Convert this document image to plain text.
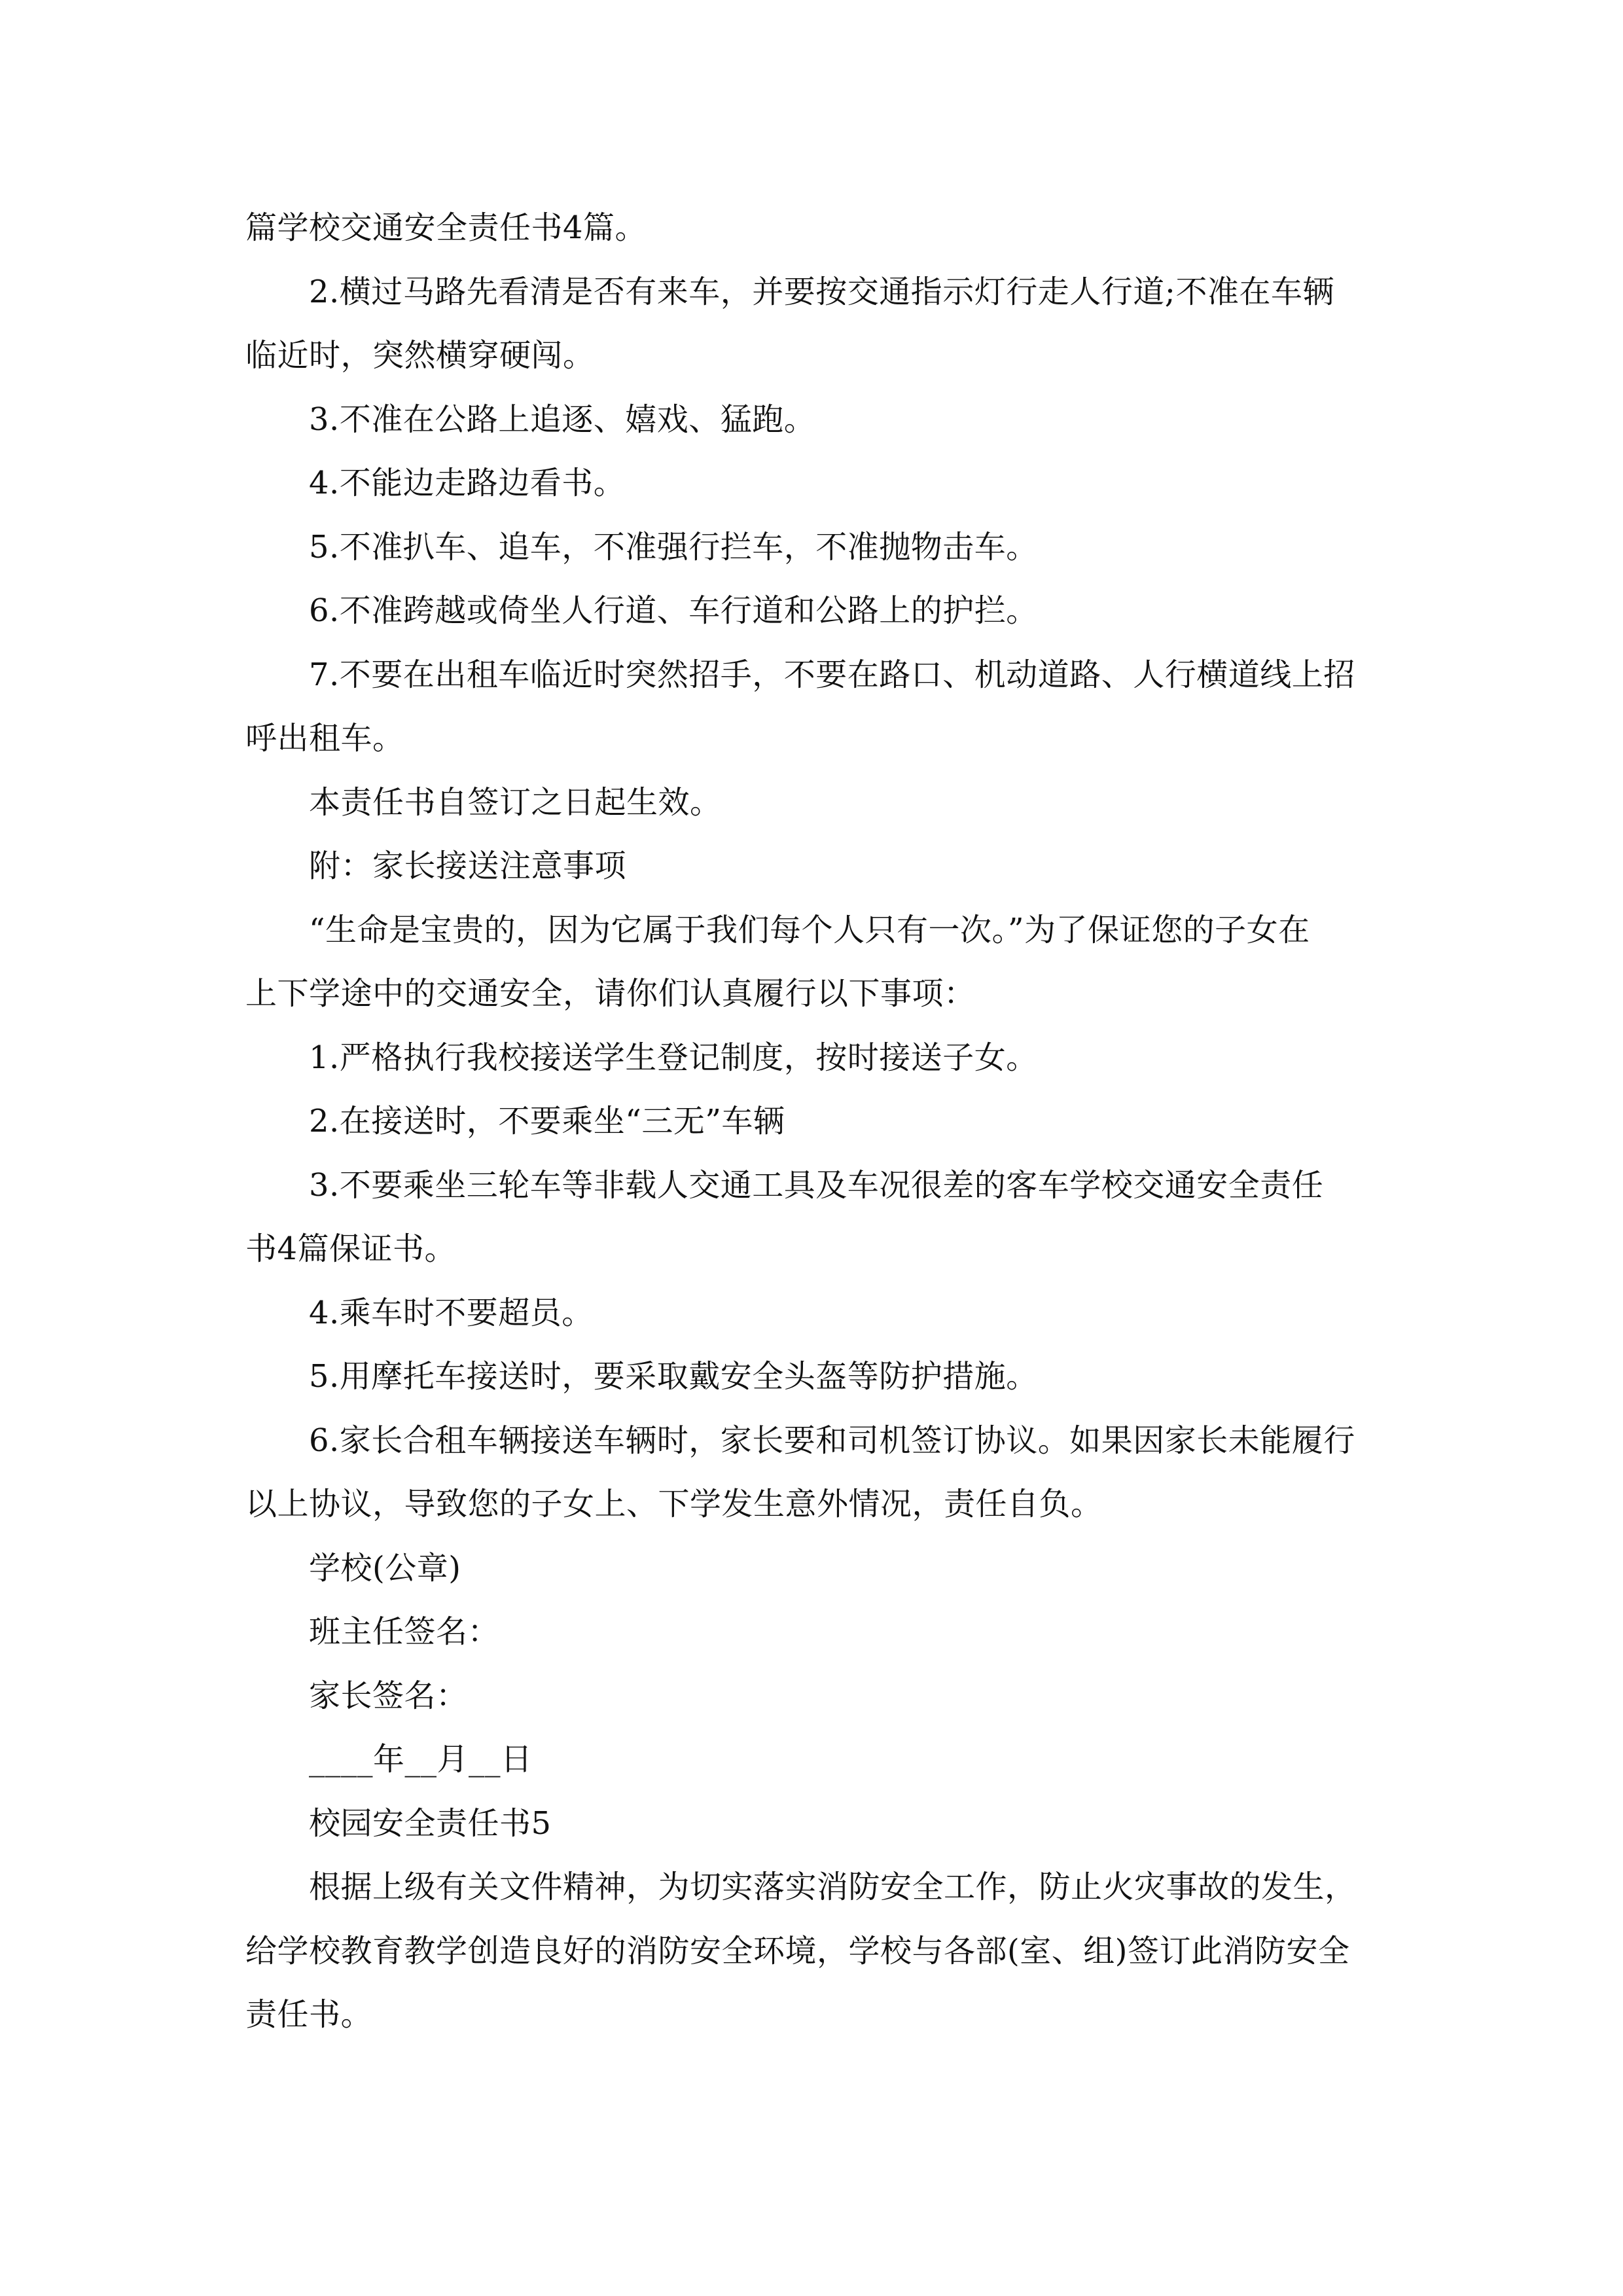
篇学校交通安全责任书4篇。
2.横过马路先看清是否有来车，并要按交通指示灯行走人行道;不准在车辆
临近时，突然横穿硬闯。
3.不准在公路上追逐、嬉戏、猛跑。
4.不能边走路边看书。
5.不准扒车、追车，不准强行拦车，不准抛物击车。
6.不准跨越或倚坐人行道、车行道和公路上的护拦。
7.不要在出租车临近时突然招手，不要在路口、机动道路、人行横道线上招
呼出租车。
本责任书自签订之日起生效。
附：家长接送注意事项
“生命是宝贵的，因为它属于我们每个人只有一次。”为了保证您的子女在
上下学途中的交通安全，请你们认真履行以下事项：
1.严格执行我校接送学生登记制度，按时接送子女。
2.在接送时，不要乘坐“三无”车辆
3.不要乘坐三轮车等非载人交通工具及车况很差的客车学校交通安全责任
书4篇保证书。
4.乘车时不要超员。
5.用摩托车接送时，要采取戴安全头盔等防护措施。
6.家长合租车辆接送车辆时，家长要和司机签订协议。如果因家长未能履行
以上协议，导致您的子女上、下学发生意外情况，责任自负。
学校(公章)
班主任签名：
家长签名：
____年__月__日
校园安全责任书5
根据上级有关文件精神，为切实落实消防安全工作，防止火灾事故的发生，
给学校教育教学创造良好的消防安全环境，学校与各部(室、组)签订此消防安全
责任书。
